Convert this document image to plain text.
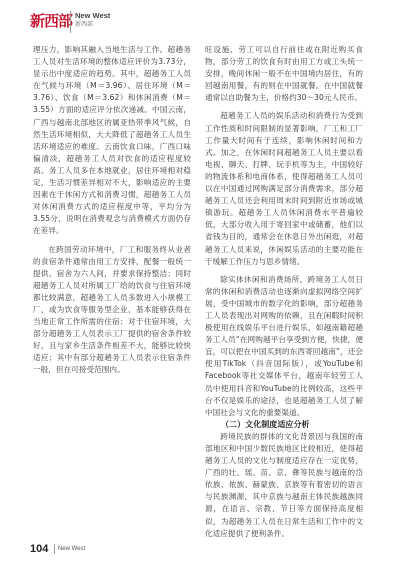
新西部 New West
新西部

理压力，影响其融入当地生活与工作。超趟务工人员对生活环境的整体适应评价为3.73分，显示出中度适应的趋势。其中，超趟务工人员在气候与环境（M＝3.96）、居住环境（M＝3.76）、饮食（M＝3.62）和休闲消费（M＝3.55）方面的适应评分依次递减。中国云南，广西与越南北部地区的属亚热带季风气候，自然生活环境相似，大大降低了超趟务工人员生活环境适应的难度。云南饮食口味，广西口味偏清淡，超趟务工人员对饮食的适应程度较高。务工人员多在本地就业，居住环境相对稳定，生活习惯差异相对不大，影响适应的主要因素在于休闲方式和消费习惯，超趟务工人员对休闲消费方式的适应程度中等，平均分为3.55分，说明在消费观念与消费模式方面仍存在差异。

在跨国劳动环境中，厂工和服务终从业者的食宿条件通常由用工方安排，配餐一般统一提供，宿舍为六人间，并要求保持整洁；同时超趟务工人员对所属工厂给的饮食与住宿环境都比较满意，超趟务工人员多数进入小规模工厂，或为饮食等服务型企业，基本能够获得在当地正常工作所需的住宿；对于住宿环境，大部分超趟务工人员表示工厂提供的宿舍条件较好，且与家乡生活条件相差不大，能够比较快适应；其中有部分超趟务工人员表示住宿条件一般，但在可接受范围内。

旺设施、劳工可以自行前往或在附近购买食物，部分劳工的饮食有时由用工方或工头统一安排，晚间休闲一般不在中国境内居住，有的回越南用餐，有的则在中国就餐。在中国就餐通常以自助餐为主，价格约30～30元人民币。

超趟务工人员的娱乐活动和消费行为受到工作性质和时间限制的显著影响，厂工和工厂工作量大时间有于连续，影响休闲时间和方式。加之，在休闲时间超趟务工人员主要以看电视、聊天、打牌、玩手机等为主，中国较好的物流体系和电商体系，使得超趟务工人员可以在中国通过网购满足部分消费需求，部分超趟务工人员还会利用周末时间到附近市场或城镇游玩。超趟务工人员休闲消费水平普遍较低，大部分收入用于寄回家中或储蓄，他们以省钱为目的，通常会在休息日外出闲逛，对超趟务工人员来说，休闲娱乐活动的主要功能在于缓解工作压力与思乡情绪。

除实体休闲和消费场所，跨境务工人员日常的休闲和消费活动也逐渐向虚拟网络空间扩展，受中国城市的数字化的影响，部分超趟务工人员表现出对网购的依赖，且在闲暇时间积极使用在线娱乐平台进行娱乐，如越南籍超趟务工人员“在网购越平台享受到方便，快捷，便宜，可以把在中国买到的东西寄回越南”，还会使用TikTok（抖音国际版），或YouTube和Facebook等社交媒体平台，越南年轻劳工人员中使用抖音和YouTube的比例较高，这些平台不仅是娱乐的途径，也是超趟务工人员了解中国社会与文化的重要渠道。

（二）文化制度适应分析

跨境民族的群体的文化背景因与我国的南部地区和中国少数民族地区比较相近，使得超趟务工人员的文化与制度适应存在一定优势，广西的壮、瑶、苗、京、彝等民族与越南的岱依族、侬族、赫蒙族、京族等有着密切的语言与民族渊源，其中京族与越南主体民族越族同源，在语言、宗教、节日等方面保持高度相似，为超趟务工人员在日常生活和工作中的文化适应提供了便利条件。

104 New West
